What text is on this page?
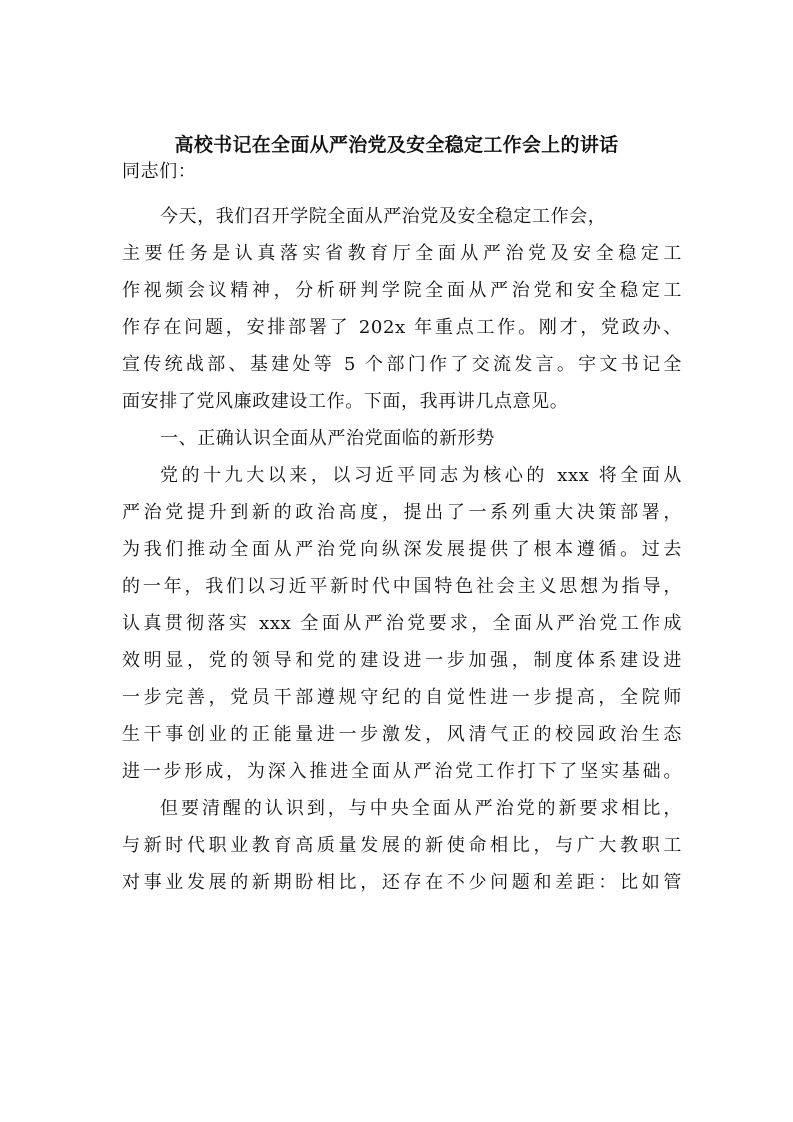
高校书记在全面从严治党及安全稳定工作会上的讲话
同志们：
今天，我们召开学院全面从严治党及安全稳定工作会，
主要任务是认真落实省教育厅全面从严治党及安全稳定工
作视频会议精神，分析研判学院全面从严治党和安全稳定工
作存在问题，安排部署了 202x 年重点工作。刚才，党政办、
宣传统战部、基建处等 5 个部门作了交流发言。宇文书记全
面安排了党风廉政建设工作。下面，我再讲几点意见。
一、正确认识全面从严治党面临的新形势
党的十九大以来，以习近平同志为核心的 xxx 将全面从
严治党提升到新的政治高度，提出了一系列重大决策部署，
为我们推动全面从严治党向纵深发展提供了根本遵循。过去
的一年，我们以习近平新时代中国特色社会主义思想为指导，
认真贯彻落实 xxx 全面从严治党要求，全面从严治党工作成
效明显，党的领导和党的建设进一步加强，制度体系建设进
一步完善，党员干部遵规守纪的自觉性进一步提高，全院师
生干事创业的正能量进一步激发，风清气正的校园政治生态
进一步形成，为深入推进全面从严治党工作打下了坚实基础。
但要清醒的认识到，与中央全面从严治党的新要求相比，
与新时代职业教育高质量发展的新使命相比，与广大教职工
对事业发展的新期盼相比，还存在不少问题和差距：比如管
